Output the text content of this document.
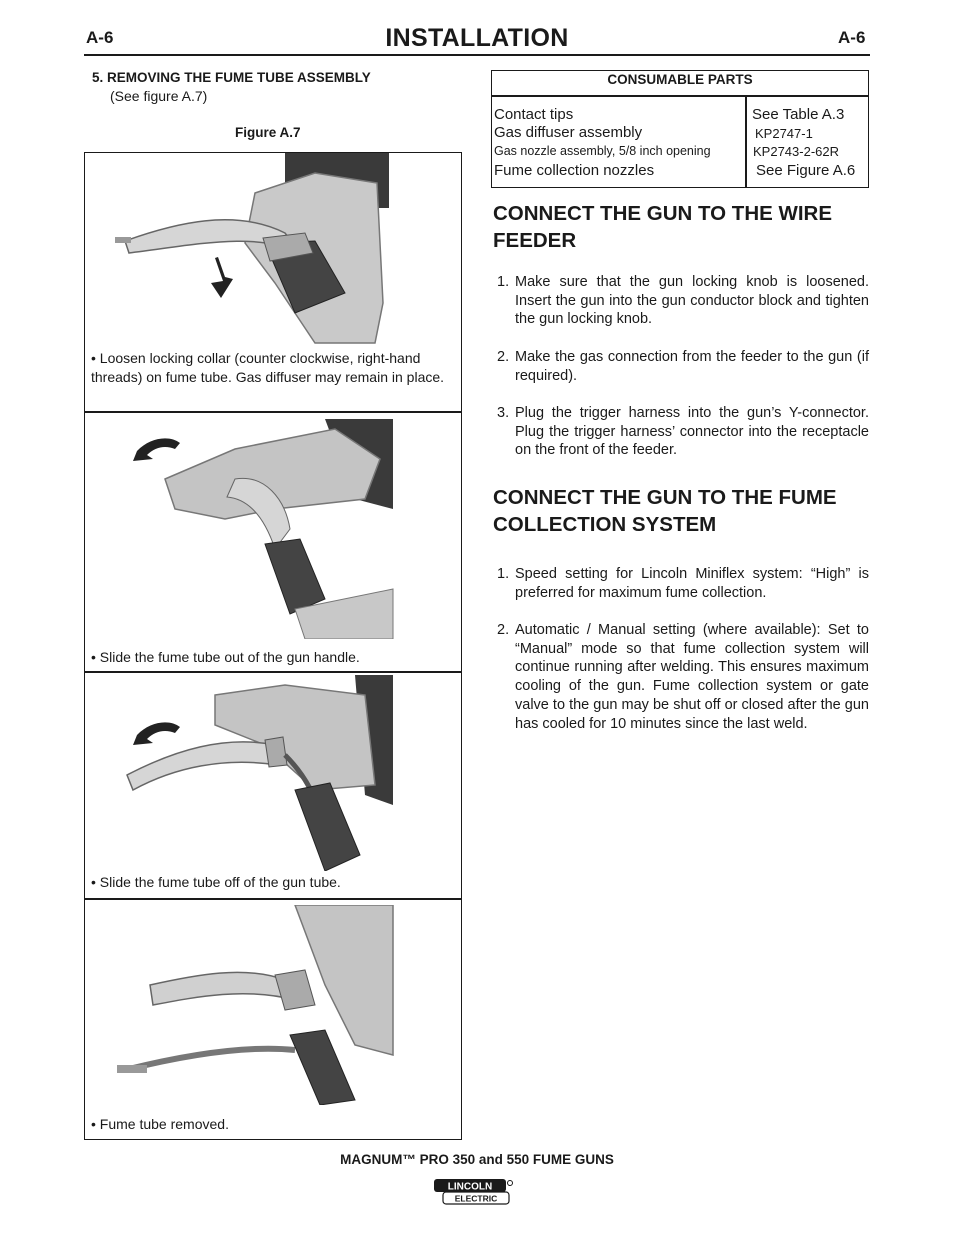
A-6	INSTALLATION	A-6
5. REMOVING THE FUME TUBE ASSEMBLY
(See figure A.7)
Figure A.7
• Loosen locking collar (counter clockwise, right-hand threads) on fume tube. Gas diffuser may remain in place.
• Slide the fume tube out of the gun handle.
• Slide the fume tube off of the gun tube.
• Fume tube removed.
CONSUMABLE PARTS
Contact tips	See Table A.3
Gas diffuser assembly	KP2747-1
Gas nozzle assembly, 5/8 inch opening	KP2743-2-62R
Fume collection nozzles	See Figure A.6
CONNECT THE GUN TO THE WIRE FEEDER
1. Make sure that the gun locking knob is loosened. Insert the gun into the gun conductor block and tighten the gun locking knob.
2. Make the gas connection from the feeder to the gun (if required).
3. Plug the trigger harness into the gun’s Y-connector. Plug the trigger harness’ connector into the receptacle on the front of the feeder.
CONNECT THE GUN TO THE FUME COLLECTION SYSTEM
1. Speed setting for Lincoln Miniflex system: “High” is preferred for maximum fume collection.
2. Automatic / Manual setting (where available): Set to “Manual” mode so that fume collection system will continue running after welding. This ensures maximum cooling of the gun. Fume collection system or gate valve to the gun may be shut off or closed after the gun has cooled for 10 minutes since the last weld.
MAGNUM™ PRO 350 and 550 FUME GUNS
LINCOLN
ELECTRIC
